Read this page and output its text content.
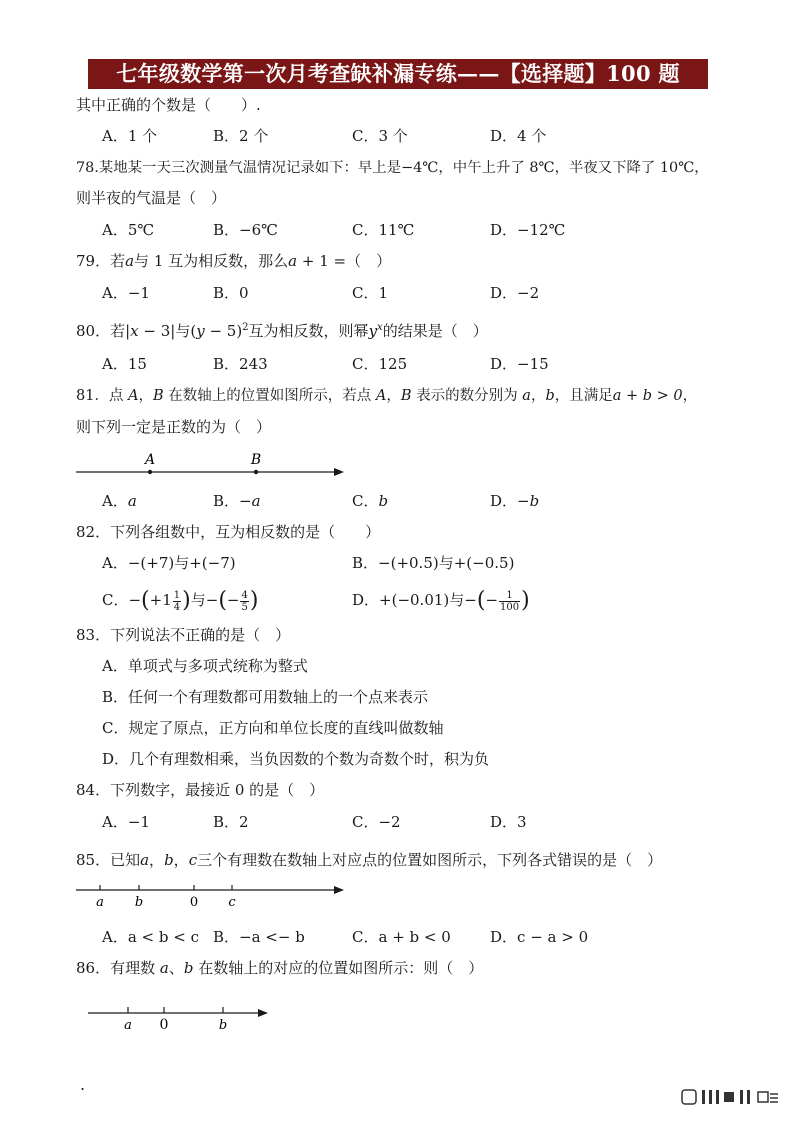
七年级数学第一次月考查缺补漏专练——【选择题】100 题
其中正确的个数是（　　）.
A．1 个	B．2 个	C．3 个	D．4 个
78.某地某一天三次测量气温情况记录如下：早上是−4℃，中午上升了 8℃，半夜又下降了 10℃，
则半夜的气温是（　）
A．5℃	B．−6℃	C．11℃	D．−12℃
79．若a与 1 互为相反数，那么a + 1 =（　）
A．−1	B．0	C．1	D．−2
80．若|x − 3|与$(y - 5)^2$互为相反数，则幂$y^x$的结果是（　）
A．15	B．243	C．125	D．−15
81．点 A，B 在数轴上的位置如图所示，若点 A，B 表示的数分别为 a，b，且满足a + b > 0，
则下列一定是正数的为（　）
A	B
A．a	B．−a	C．b	D．−b
82．下列各组数中，互为相反数的是（　　）
A．−(+7)与+(−7)	B．−(+0.5)与+(−0.5)
C．$-(+1 \frac{1}{4}$ )与−(− $\frac{4}{5}$ )	D．+(−0.01)与−(− $\frac{1}{100}$ )
83．下列说法不正确的是（　）
A．单项式与多项式统称为整式
B．任何一个有理数都可用数轴上的一个点来表示
C．规定了原点，正方向和单位长度的直线叫做数轴
D．几个有理数相乘，当负因数的个数为奇数个时，积为负
84．下列数字，最接近 0 的是（　）
A．−1	B．2	C．−2	D．3
85．已知a，b，c三个有理数在数轴上对应点的位置如图所示，下列各式错误的是（　）
a b	0 c
A．a < b < c B．−a <− b	C．a + b < 0	D．c − a > 0
86．有理数 a、b 在数轴上的对应的位置如图所示：则（　）
a 0	b
.
